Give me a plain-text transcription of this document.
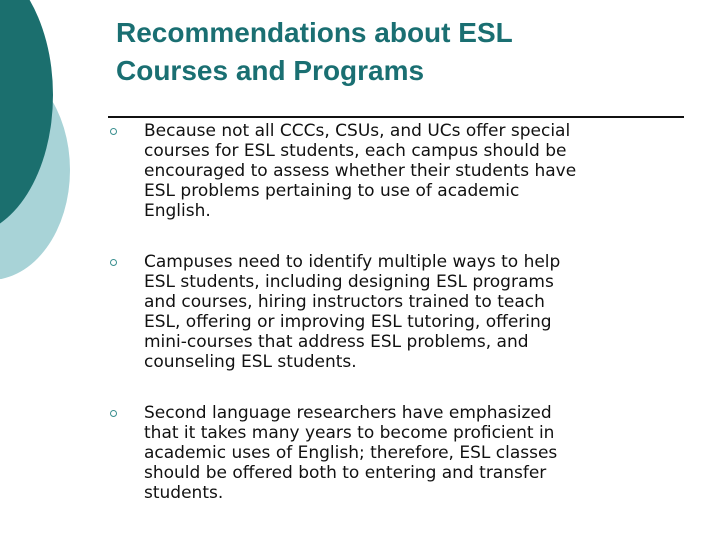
Recommendations about ESL
Courses and Programs
Because not all CCCs, CSUs, and UCs offer special
courses for ESL students, each campus should be
encouraged to assess whether their students have
ESL problems pertaining to use of academic
English.
Campuses need to identify multiple ways to help
ESL students, including designing ESL programs
and courses, hiring instructors trained to teach
ESL, offering or improving ESL tutoring, offering
mini-courses that address ESL problems, and
counseling ESL students.
Second language researchers have emphasized
that it takes many years to become proficient in
academic uses of English; therefore, ESL classes
should be offered both to entering and transfer
students.
